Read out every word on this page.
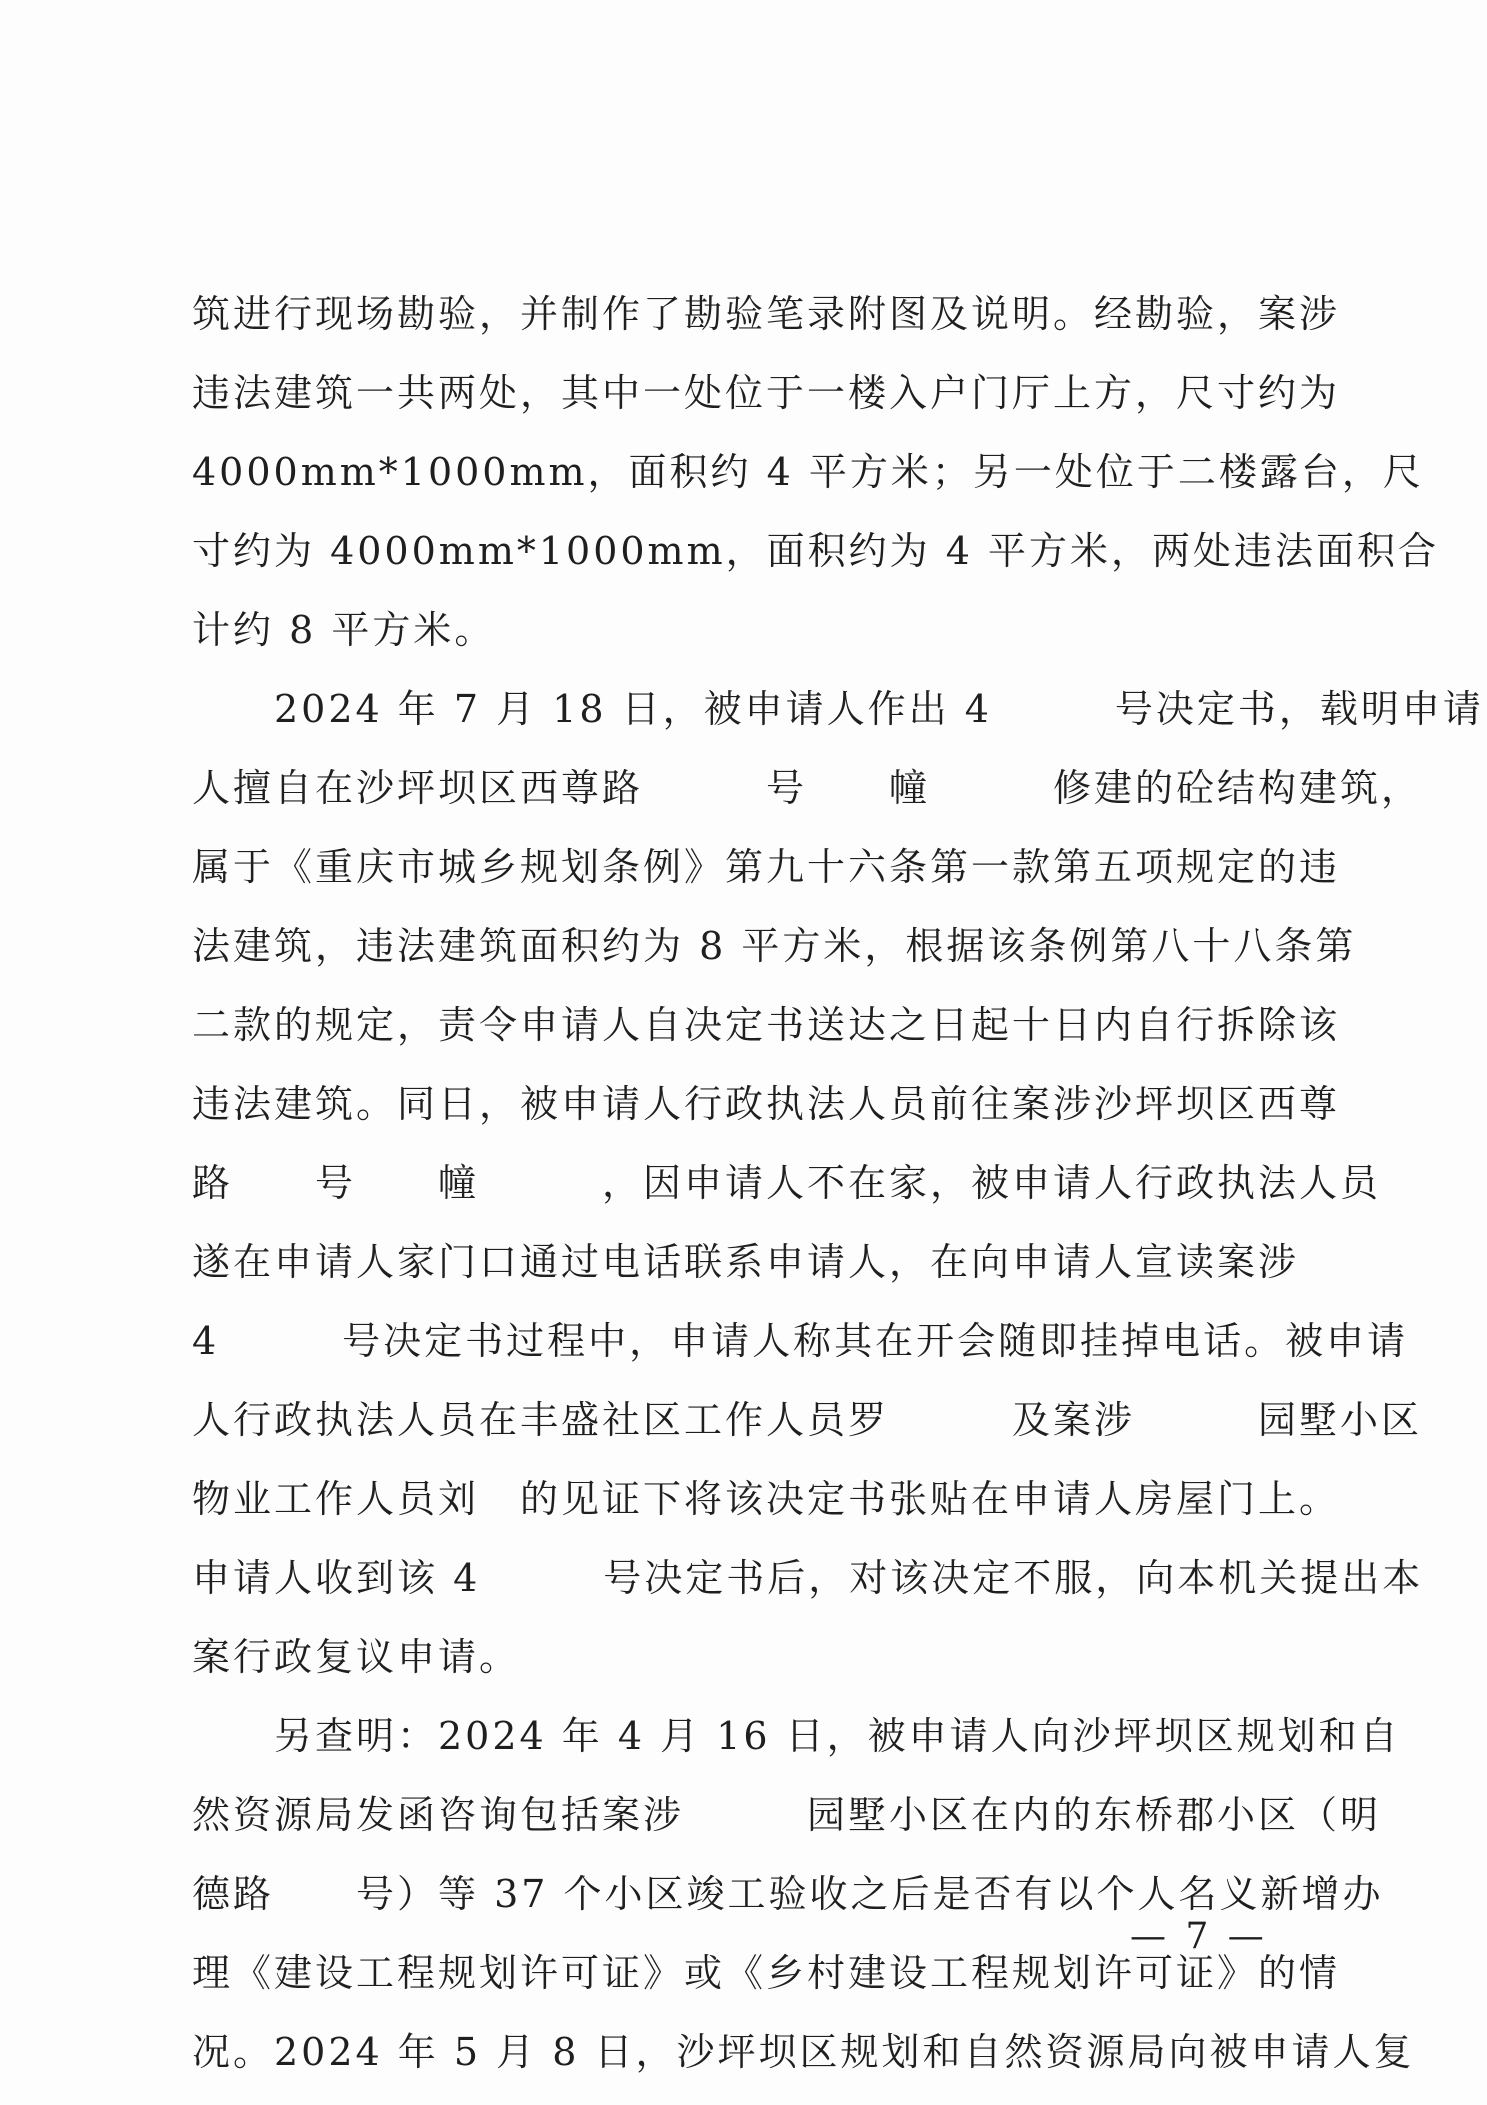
筑进行现场勘验，并制作了勘验笔录附图及说明。经勘验，案涉
违法建筑一共两处，其中一处位于一楼入户门厅上方，尺寸约为
4000mm*1000mm，面积约 4 平方米；另一处位于二楼露台，尺
寸约为 4000mm*1000mm，面积约为 4 平方米，两处违法面积合
计约 8 平方米。
　　2024 年 7 月 18 日，被申请人作出 4　　　号决定书，载明申请
人擅自在沙坪坝区西尊路　　　号　　幢　　　修建的砼结构建筑，
属于《重庆市城乡规划条例》第九十六条第一款第五项规定的违
法建筑，违法建筑面积约为 8 平方米，根据该条例第八十八条第
二款的规定，责令申请人自决定书送达之日起十日内自行拆除该
违法建筑。同日，被申请人行政执法人员前往案涉沙坪坝区西尊
路　　号　　幢　　　，因申请人不在家，被申请人行政执法人员
遂在申请人家门口通过电话联系申请人，在向申请人宣读案涉
4　　　号决定书过程中，申请人称其在开会随即挂掉电话。被申请
人行政执法人员在丰盛社区工作人员罗　　　及案涉　　　园墅小区
物业工作人员刘　的见证下将该决定书张贴在申请人房屋门上。
申请人收到该 4　　　号决定书后，对该决定不服，向本机关提出本
案行政复议申请。
　　另查明：2024 年 4 月 16 日，被申请人向沙坪坝区规划和自
然资源局发函咨询包括案涉　　　园墅小区在内的东桥郡小区（明
德路　　号）等 37 个小区竣工验收之后是否有以个人名义新增办
理《建设工程规划许可证》或《乡村建设工程规划许可证》的情
况。2024 年 5 月 8 日，沙坪坝区规划和自然资源局向被申请人复
— 7 —
